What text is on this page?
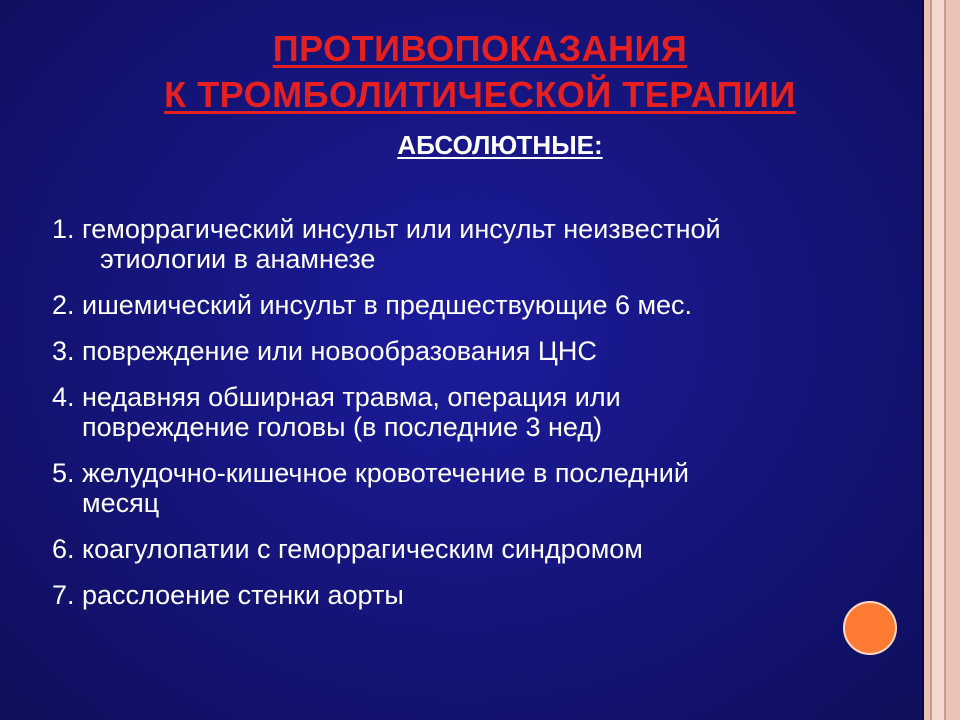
ПРОТИВОПОКАЗАНИЯ
К ТРОМБОЛИТИЧЕСКОЙ ТЕРАПИИ
АБСОЛЮТНЫЕ:
1. геморрагический инсульт или инсульт неизвестной
этиологии в анамнезе
2. ишемический инсульт в предшествующие 6 мес.
3. повреждение или новообразования ЦНС
4. недавняя обширная травма, операция или
повреждение головы (в последние 3 нед)
5. желудочно-кишечное кровотечение в последний
месяц
6. коагулопатии с геморрагическим синдромом
7. расслоение стенки аорты
